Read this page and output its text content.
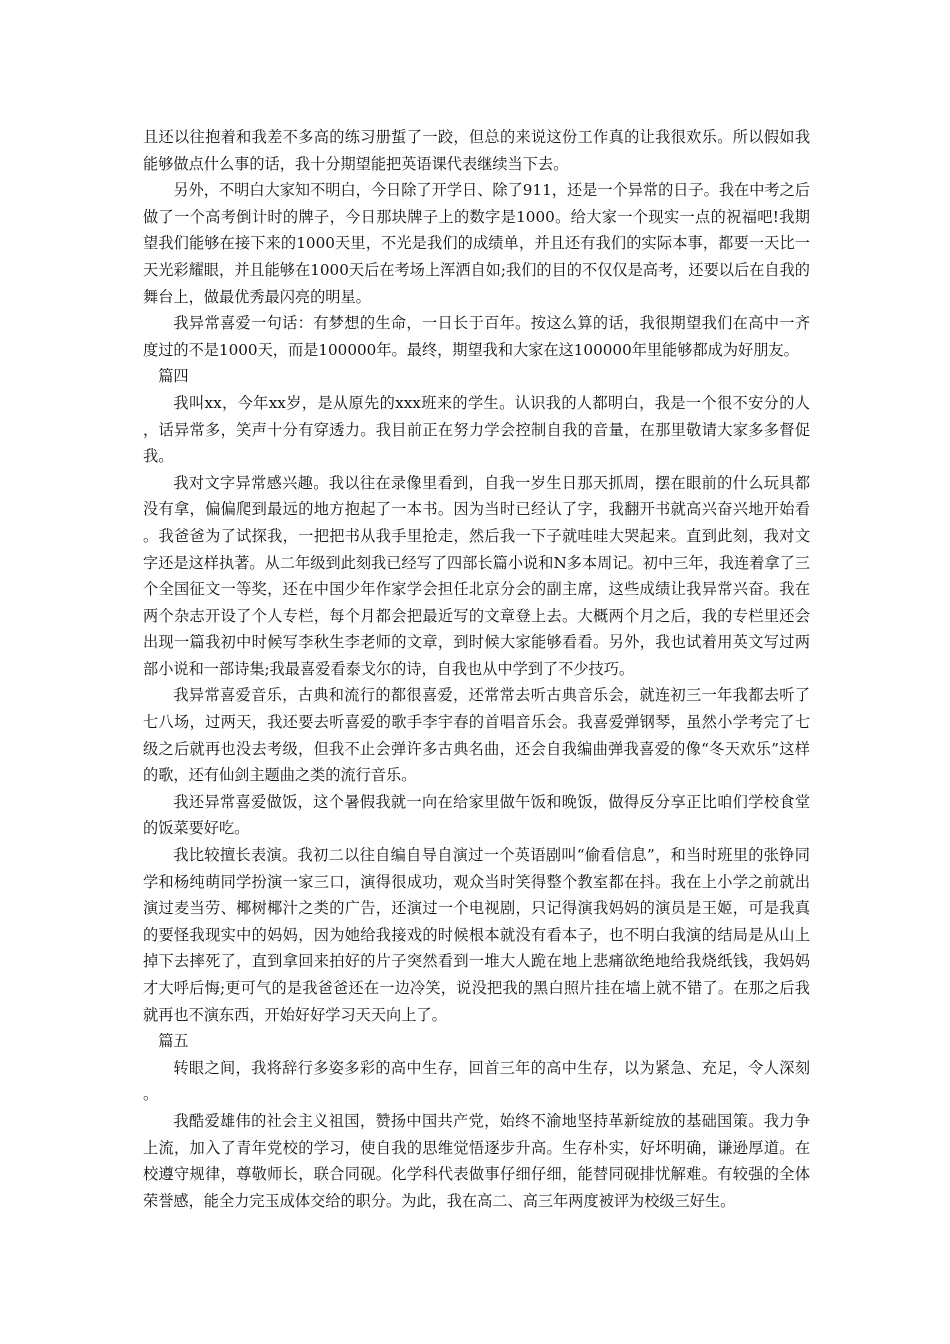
且还以往抱着和我差不多高的练习册蜇了一跤，但总的来说这份工作真的让我很欢乐。所以假如我能够做点什么事的话，我十分期望能把英语课代表继续当下去。

另外，不明白大家知不明白，今日除了开学日、除了911，还是一个异常的日子。我在中考之后做了一个高考倒计时的牌子，今日那块牌子上的数字是1000。给大家一个现实一点的祝福吧!我期望我们能够在接下来的1000天里，不光是我们的成绩单，并且还有我们的实际本事，都要一天比一天光彩耀眼，并且能够在1000天后在考场上浑洒自如;我们的目的不仅仅是高考，还要以后在自我的舞台上，做最优秀最闪亮的明星。

我异常喜爱一句话：有梦想的生命，一日长于百年。按这么算的话，我很期望我们在高中一齐度过的不是1000天，而是100000年。最终，期望我和大家在这100000年里能够都成为好朋友。

篇四

我叫xx，今年xx岁，是从原先的xxx班来的学生。认识我的人都明白，我是一个很不安分的人，话异常多，笑声十分有穿透力。我目前正在努力学会控制自我的音量，在那里敬请大家多多督促我。

我对文字异常感兴趣。我以往在录像里看到，自我一岁生日那天抓周，摆在眼前的什么玩具都没有拿，偏偏爬到最远的地方抱起了一本书。因为当时已经认了字，我翻开书就高兴奋兴地开始看。我爸爸为了试探我，一把把书从我手里抢走，然后我一下子就哇哇大哭起来。直到此刻，我对文字还是这样执著。从二年级到此刻我已经写了四部长篇小说和N多本周记。初中三年，我连着拿了三个全国征文一等奖，还在中国少年作家学会担任北京分会的副主席，这些成绩让我异常兴奋。我在两个杂志开设了个人专栏，每个月都会把最近写的文章登上去。大概两个月之后，我的专栏里还会出现一篇我初中时候写李秋生李老师的文章，到时候大家能够看看。另外，我也试着用英文写过两部小说和一部诗集;我最喜爱看泰戈尔的诗，自我也从中学到了不少技巧。

我异常喜爱音乐，古典和流行的都很喜爱，还常常去听古典音乐会，就连初三一年我都去听了七八场，过两天，我还要去听喜爱的歌手李宇春的首唱音乐会。我喜爱弹钢琴，虽然小学考完了七级之后就再也没去考级，但我不止会弹许多古典名曲，还会自我编曲弹我喜爱的像“冬天欢乐”这样的歌，还有仙剑主题曲之类的流行音乐。

我还异常喜爱做饭，这个暑假我就一向在给家里做午饭和晚饭，做得反分享正比咱们学校食堂的饭菜要好吃。

我比较擅长表演。我初二以往自编自导自演过一个英语剧叫“偷看信息”，和当时班里的张铮同学和杨纯萌同学扮演一家三口，演得很成功，观众当时笑得整个教室都在抖。我在上小学之前就出演过麦当劳、椰树椰汁之类的广告，还演过一个电视剧，只记得演我妈妈的演员是王姬，可是我真的要怪我现实中的妈妈，因为她给我接戏的时候根本就没有看本子，也不明白我演的结局是从山上掉下去摔死了，直到拿回来拍好的片子突然看到一堆大人跪在地上悲痛欲绝地给我烧纸钱，我妈妈才大呼后悔;更可气的是我爸爸还在一边冷笑，说没把我的黑白照片挂在墙上就不错了。在那之后我就再也不演东西，开始好好学习天天向上了。

篇五

转眼之间，我将辞行多姿多彩的高中生存，回首三年的高中生存，以为紧急、充足，令人深刻。

我酷爱雄伟的社会主义祖国，赞扬中国共产党，始终不渝地坚持革新绽放的基础国策。我力争上流，加入了青年党校的学习，使自我的思维觉悟逐步升高。生存朴实，好坏明确，谦逊厚道。在校遵守规律，尊敬师长，联合同砚。化学科代表做事仔细仔细，能替同砚排忧解难。有较强的全体荣誉感，能全力完玉成体交给的职分。为此，我在高二、高三年两度被评为校级三好生。
